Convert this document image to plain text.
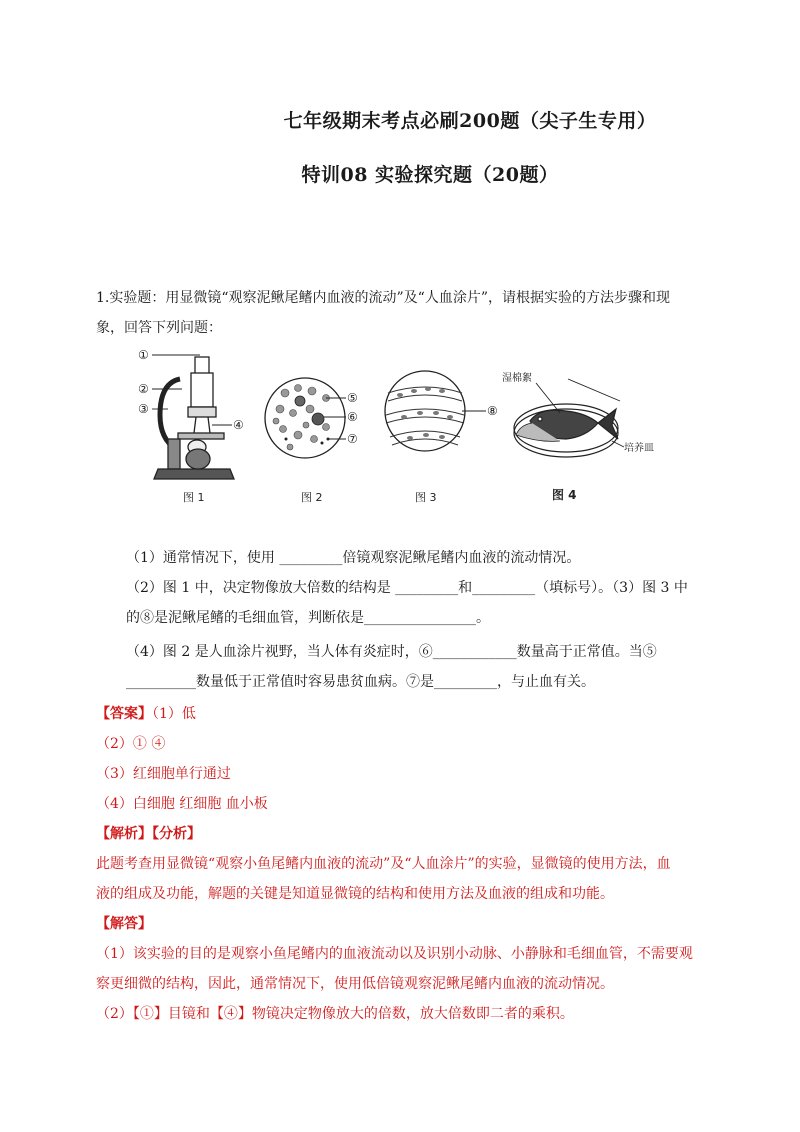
七年级期末考点必刷200题（尖子生专用）
特训08 实验探究题（20题）
1.实验题：用显微镜“观察泥鳅尾鳍内血液的流动”及“人血涂片”，请根据实验的方法步骤和现
象，回答下列问题：
①
②
③
④
⑤
⑥
⑦
⑧
湿棉絮
培养皿
图 1	图 2	图 3	图 4
（1）通常情况下，使用 _________倍镜观察泥鳅尾鳍内血液的流动情况。
（2）图 1 中，决定物像放大倍数的结构是 _________和_________（填标号）。（3）图 3 中
的⑧是泥鳅尾鳍的毛细血管，判断依是________________。
（4）图 2 是人血涂片视野，当人体有炎症时，⑥____________数量高于正常值。当⑤
__________数量低于正常值时容易患贫血病。⑦是_________，与止血有关。
【答案】（1）低
（2）① ④
（3）红细胞单行通过
（4）白细胞 红细胞 血小板
【解析】【分析】
此题考查用显微镜“观察小鱼尾鳍内血液的流动”及“人血涂片”的实验，显微镜的使用方法，血
液的组成及功能，解题的关键是知道显微镜的结构和使用方法及血液的组成和功能。
【解答】
（1）该实验的目的是观察小鱼尾鳍内的血液流动以及识别小动脉、小静脉和毛细血管，不需要观
察更细微的结构，因此，通常情况下，使用低倍镜观察泥鳅尾鳍内血液的流动情况。
（2）【①】目镜和【④】物镜决定物像放大的倍数，放大倍数即二者的乘积。
